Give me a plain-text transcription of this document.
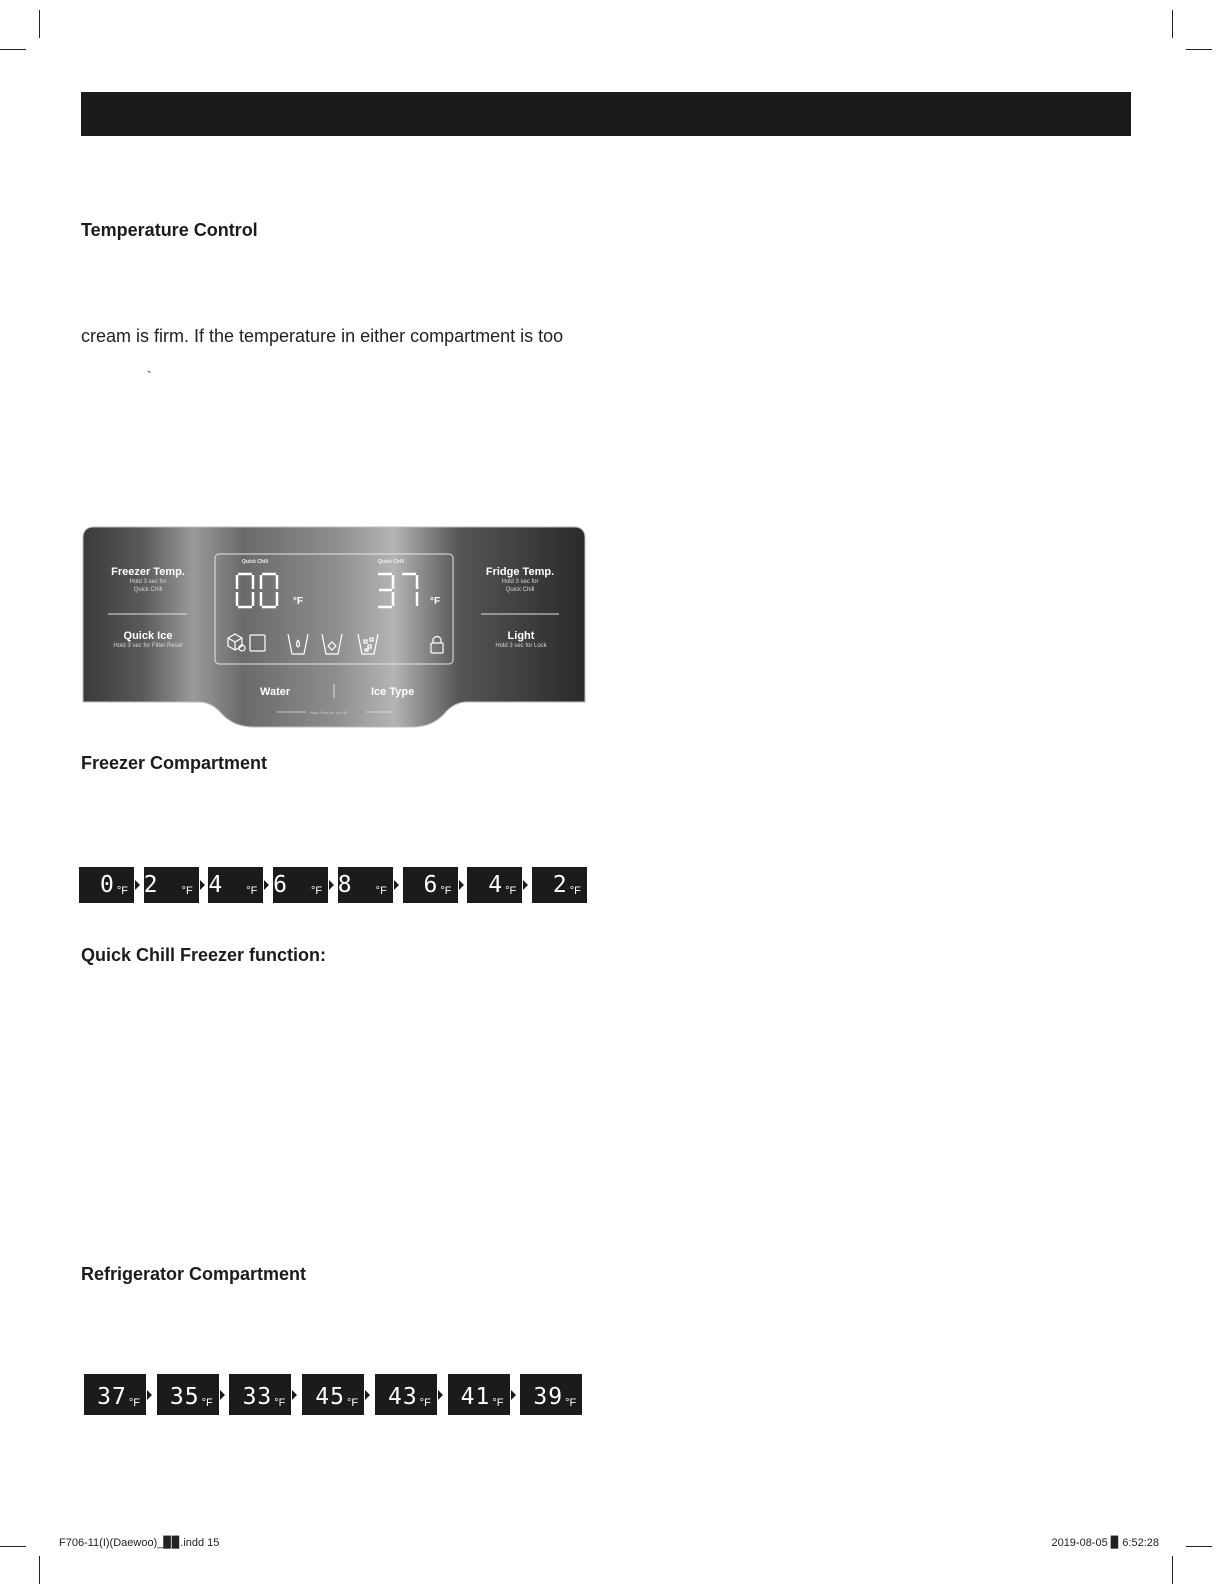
Temperature Control
cream is firm. If the temperature in either compartment is too
`
Freezer Temp.
Hold 3 sec for
Quick Chill
Quick Ice
Hold 3 sec for Filter Reset
Fridge Temp.
Hold 3 sec for
Quick Chill
Light
Hold 3 sec for Lock
Quick Chill	Quick Chill
°F	°F
Water	Ice Type
Hold 3 sec for Ice off
Freezer Compartment
0 °F
- 2	°F
- 4	°F
- 6	°F
- 8	°F 6 °F 4 °F 2 °F
Quick Chill Freezer function:
Refrigerator Compartment
37 °F 35 °F 33 °F 45 °F 43 °F 41 °F 39 °F
F706-11(I)(Daewoo)_▉▉.indd 15	2019-08-05 ▉ 6:52:28
